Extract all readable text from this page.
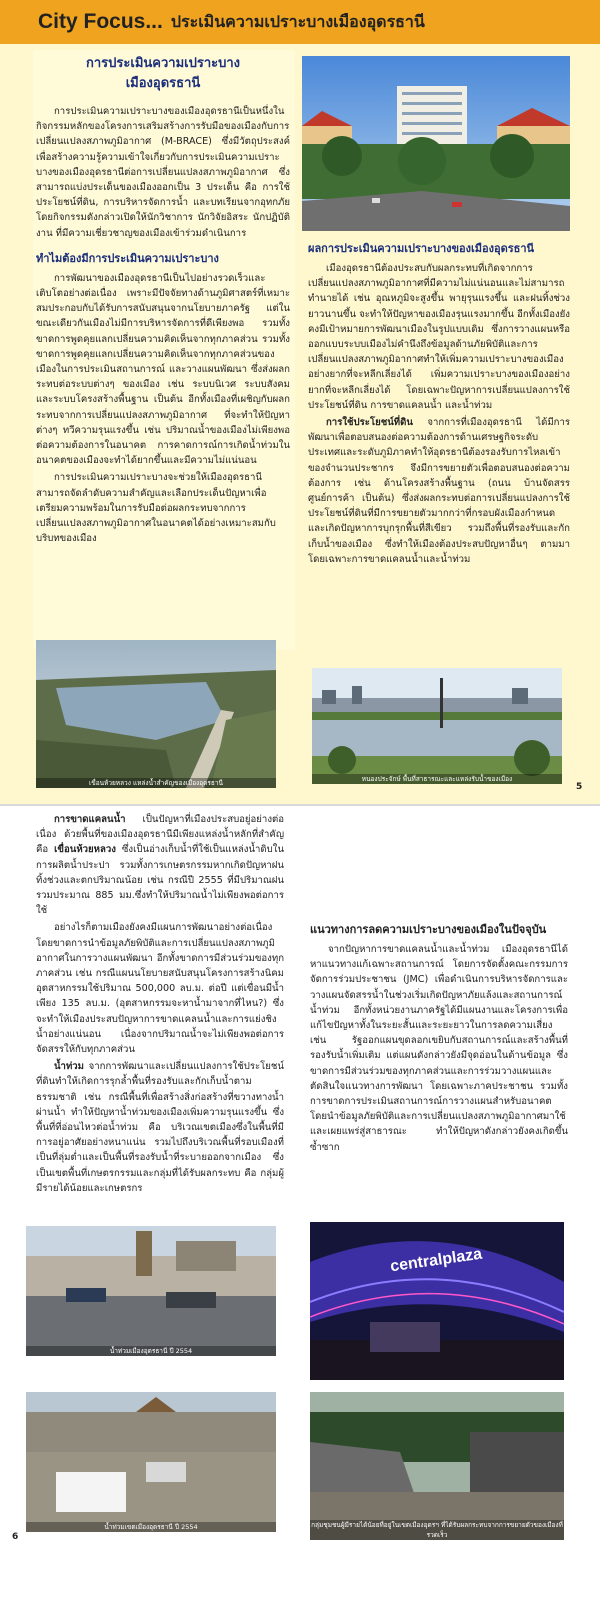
City Focus... ประเมินความเปราะบางเมืองอุดรธานี
การประเมินความเปราะบาง
เมืองอุดรธานี

การประเมินความเปราะบางของเมืองอุดรธานีเป็นหนึ่งในกิจกรรมหลักของโครงการเสริมสร้างการรับมือของเมืองกับการเปลี่ยนแปลงสภาพภูมิอากาศ (M-BRACE) ซึ่งมีวัตถุประสงค์เพื่อสร้างความรู้ความเข้าใจเกี่ยวกับการประเมินความเปราะบางของเมืองอุดรธานีต่อการเปลี่ยนแปลงสภาพภูมิอากาศ ซึ่งสามารถแบ่งประเด็นของเมืองออกเป็น 3 ประเด็น คือ การใช้ประโยชน์ที่ดิน, การบริหารจัดการน้ำ และบทเรียนจากอุทกภัย โดยกิจกรรมดังกล่าวเปิดให้นักวิชาการ นักวิจัยอิสระ นักปฏิบัติงาน ที่มีความเชี่ยวชาญของเมืองเข้าร่วมดำเนินการ

ทำไมต้องมีการประเมินความเปราะบาง

การพัฒนาของเมืองอุดรธานีเป็นไปอย่างรวดเร็วและเติบโตอย่างต่อเนื่อง เพราะมีปัจจัยทางด้านภูมิศาสตร์ที่เหมาะสมประกอบกับได้รับการสนับสนุนจากนโยบายภาครัฐ แต่ในขณะเดียวกันเมืองไม่มีการบริหารจัดการที่ดีเพียงพอ รวมทั้งขาดการพูดคุยแลกเปลี่ยนความคิดเห็นจากทุกภาคส่วน รวมทั้งขาดการพูดคุยแลกเปลี่ยนความคิดเห็นจากทุกภาคส่วนของเมืองในการประเมินสถานการณ์ และวางแผนพัฒนา ซึ่งส่งผลกระทบต่อระบบต่างๆ ของเมือง เช่น ระบบนิเวศ ระบบสังคม และระบบโครงสร้างพื้นฐาน เป็นต้น อีกทั้งเมืองที่เผชิญกับผลกระทบจากการเปลี่ยนแปลงสภาพภูมิอากาศ ที่จะทำให้ปัญหาต่างๆ ทวีความรุนแรงขึ้น เช่น ปริมาณน้ำของเมืองไม่เพียงพอต่อความต้องการในอนาคต การคาดการณ์การเกิดน้ำท่วมในอนาคตของเมืองจะทำได้ยากขึ้นและมีความไม่แน่นอน

การประเมินความเปราะบางจะช่วยให้เมืองอุดรธานีสามารถจัดลำดับความสำคัญและเลือกประเด็นปัญหาเพื่อเตรียมความพร้อมในการรับมือต่อผลกระทบจากการเปลี่ยนแปลงสภาพภูมิอากาศในอนาคตได้อย่างเหมาะสมกับบริบทของเมือง

ผลการประเมินความเปราะบางของเมืองอุดรธานี

เมืองอุดรธานีต้องประสบกับผลกระทบที่เกิดจากการเปลี่ยนแปลงสภาพภูมิอากาศที่มีความไม่แน่นอนและไม่สามารถทำนายได้ เช่น อุณหภูมิจะสูงขึ้น พายุรุนแรงขึ้น และฝนทิ้งช่วงยาวนานขึ้น จะทำให้ปัญหาของเมืองรุนแรงมากขึ้น อีกทั้งเมืองยังคงมีเป้าหมายการพัฒนาเมืองในรูปแบบเดิม ซึ่งการวางแผนหรือออกแบบระบบเมืองไม่คำนึงถึงข้อมูลด้านภัยพิบัติและการเปลี่ยนแปลงสภาพภูมิอากาศทำให้เพิ่มความเปราะบางของเมืองอย่างยากที่จะหลีกเลี่ยงได้ เพิ่มความเปราะบางของเมืองอย่างยากที่จะหลีกเลี่ยงได้ โดยเฉพาะปัญหาการเปลี่ยนแปลงการใช้ประโยชน์ที่ดิน การขาดแคลนน้ำ และน้ำท่วม

การใช้ประโยชน์ที่ดิน จากการที่เมืองอุดรธานี ได้มีการพัฒนาเพื่อตอบสนองต่อความต้องการด้านเศรษฐกิจระดับประเทศและระดับภูมิภาคทำให้อุดรธานีต้องรองรับการไหลเข้าของจำนวนประชากร จึงมีการขยายตัวเพื่อตอบสนองต่อความต้องการ เช่น ด้านโครงสร้างพื้นฐาน (ถนน บ้านจัดสรร ศูนย์การค้า เป็นต้น) ซึ่งส่งผลกระทบต่อการเปลี่ยนแปลงการใช้ประโยชน์ที่ดินที่มีการขยายตัวมากกว่าที่กรอบผังเมืองกำหนด และเกิดปัญหาการบุกรุกพื้นที่สีเขียว รวมถึงพื้นที่รองรับและกักเก็บน้ำของเมือง ซึ่งทำให้เมืองต้องประสบปัญหาอื่นๆ ตามมา โดยเฉพาะการขาดแคลนน้ำและน้ำท่วม

เขื่อนห้วยหลวง แหล่งน้ำสำคัญของเมืองอุดรธานี	หนองประจักษ์ พื้นที่สาธารณะและแหล่งรับน้ำของเมือง
5

การขาดแคลนน้ำ เป็นปัญหาที่เมืองประสบอยู่อย่างต่อเนื่อง ด้วยพื้นที่ของเมืองอุดรธานีมีเพียงแหล่งน้ำหลักที่สำคัญ คือ เขื่อนห้วยหลวง ซึ่งเป็นอ่างเก็บน้ำที่ใช้เป็นแหล่งน้ำดิบในการผลิตน้ำประปา รวมทั้งการเกษตรกรรมหากเกิดปัญหาฝนทิ้งช่วงและตกปริมาณน้อย เช่น กรณีปี 2555 ที่มีปริมาณฝนรวมประมาณ 885 มม.ซึ่งทำให้ปริมาณน้ำไม่เพียงพอต่อการใช้

อย่างไรก็ตามเมืองยังคงมีแผนการพัฒนาอย่างต่อเนื่อง โดยขาดการนำข้อมูลภัยพิบัติและการเปลี่ยนแปลงสภาพภูมิอากาศในการวางแผนพัฒนา อีกทั้งขาดการมีส่วนร่วมของทุกภาคส่วน เช่น กรณีแผนนโยบายสนับสนุนโครงการสร้างนิคมอุตสาหกรรมใช้ปริมาณ 500,000 ลบ.ม. ต่อปี แต่เขื่อนมีน้ำเพียง 135 ลบ.ม. (อุตสาหกรรมจะหาน้ำมาจากที่ไหน?) ซึ่งจะทำให้เมืองประสบปัญหาการขาดแคลนน้ำและการแย่งชิงน้ำอย่างแน่นอน เนื่องจากปริมาณน้ำจะไม่เพียงพอต่อการจัดสรรให้กับทุกภาคส่วน

น้ำท่วม จากการพัฒนาและเปลี่ยนแปลงการใช้ประโยชน์ที่ดินทำให้เกิดการรุกล้ำพื้นที่รองรับและกักเก็บน้ำตามธรรมชาติ เช่น กรณีพื้นที่เพื่อสร้างสิ่งก่อสร้างที่ขวางทางน้ำผ่านน้ำ ทำให้ปัญหาน้ำท่วมของเมืองเพิ่มความรุนแรงขึ้น ซึ่งพื้นที่ที่อ่อนไหวต่อน้ำท่วม คือ บริเวณเขตเมืองซึ่งในพื้นที่มีการอยู่อาศัยอย่างหนาแน่น รวมไปถึงบริเวณพื้นที่รอบเมืองที่เป็นที่ลุ่มต่ำและเป็นพื้นที่รองรับน้ำที่ระบายออกจากเมือง ซึ่งเป็นเขตพื้นที่เกษตรกรรมและกลุ่มที่ได้รับผลกระทบ คือ กลุ่มผู้มีรายได้น้อยและเกษตรกร

แนวทางการลดความเปราะบางของเมืองในปัจจุบัน

จากปัญหาการขาดแคลนน้ำและน้ำท่วม เมืองอุดรธานีได้หาแนวทางแก้เฉพาะสถานการณ์ โดยการจัดตั้งคณะกรรมการจัดการร่วมประชาชน (JMC) เพื่อดำเนินการบริหารจัดการและวางแผนจัดสรรน้ำในช่วงเริ่มเกิดปัญหาภัยแล้งและสถานการณ์น้ำท่วม อีกทั้งหน่วยงานภาครัฐได้มีแผนงานและโครงการเพื่อแก้ไขปัญหาทั้งในระยะสั้นและระยะยาวในการลดความเสี่ยง เช่น รัฐออกแผนขุดลอกเขยิบกับสถานการณ์และสร้างพื้นที่รองรับน้ำเพิ่มเติม แต่แผนดังกล่าวยังมีจุดอ่อนในด้านข้อมูล ซึ่งขาดการมีส่วนร่วมของทุกภาคส่วนและการร่วมวางแผนและตัดสินใจแนวทางการพัฒนา โดยเฉพาะภาคประชาชน รวมทั้งการขาดการประเมินสถานการณ์การวางแผนสำหรับอนาคตโดยนำข้อมูลภัยพิบัติและการเปลี่ยนแปลงสภาพภูมิอากาศมาใช้และเผยแพร่สู่สาธารณะ ทำให้ปัญหาดังกล่าวยังคงเกิดขึ้นซ้ำซาก

น้ำท่วมเมืองอุดรธานี ปี 2554
centralplaza
น้ำท่วมเขตเมืองอุดรธานี ปี 2554	กลุ่มชุมชนผู้มีรายได้น้อยที่อยู่ในเขตเมืองอุดรฯ ที่ได้รับผลกระทบจากการขยายตัวของเมืองที่รวดเร็ว
6
